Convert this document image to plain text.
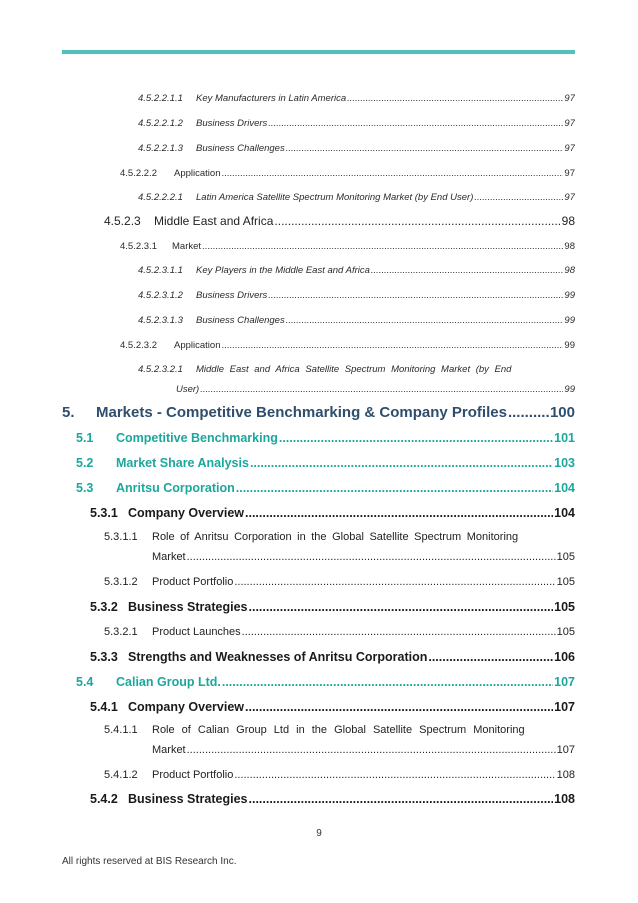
4.5.2.2.1.1	Key Manufacturers in Latin America .....	97
4.5.2.2.1.2	Business Drivers .....	97
4.5.2.2.1.3	Business Challenges .....	97
4.5.2.2.2	Application .....	97
4.5.2.2.2.1	Latin America Satellite Spectrum Monitoring Market (by End User) .....	97
4.5.2.3	Middle East and Africa .....	98
4.5.2.3.1	Market .....	98
4.5.2.3.1.1	Key Players in the Middle East and Africa .....	98
4.5.2.3.1.2	Business Drivers .....	99
4.5.2.3.1.3	Business Challenges .....	99
4.5.2.3.2	Application .....	99
4.5.2.3.2.1 Middle East and Africa Satellite Spectrum Monitoring Market (by End
User) .....	99
5.	Markets - Competitive Benchmarking & Company Profiles .....	100
5.1	Competitive Benchmarking .....	101
5.2	Market Share Analysis .....	103
5.3	Anritsu Corporation .....	104
5.3.1 Company Overview .....	104
5.3.1.1 Role of Anritsu Corporation in the Global Satellite Spectrum Monitoring
Market .....	105
5.3.1.2	Product Portfolio .....	105
5.3.2 Business Strategies .....	105
5.3.2.1	Product Launches .....	105
5.3.3 Strengths and Weaknesses of Anritsu Corporation .....	106
5.4	Calian Group Ltd. .....	107
5.4.1 Company Overview .....	107
5.4.1.1 Role of Calian Group Ltd in the Global Satellite Spectrum Monitoring
Market .....	107
5.4.1.2	Product Portfolio .....	108
5.4.2 Business Strategies .....	108
9
All rights reserved at BIS Research Inc.
